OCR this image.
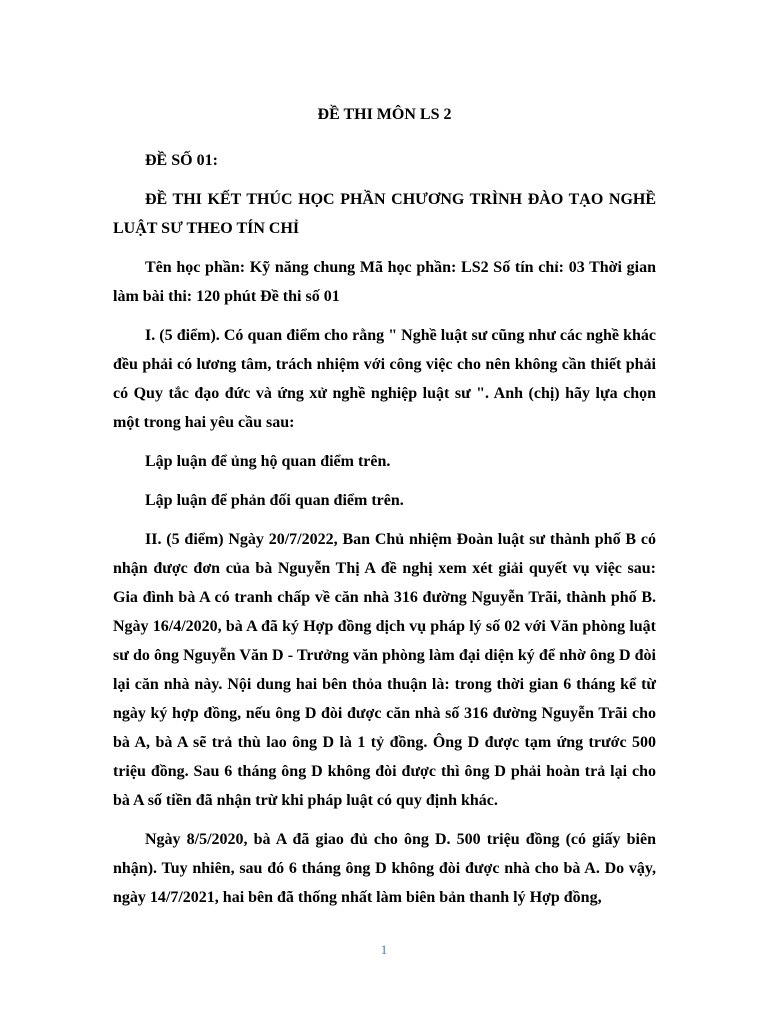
ĐỀ THI MÔN LS 2
ĐỀ SỐ 01:
ĐỀ THI KẾT THÚC HỌC PHẦN CHƯƠNG TRÌNH ĐÀO TẠO NGHỀ LUẬT SƯ THEO TÍN CHỈ
Tên học phần: Kỹ năng chung Mã học phần: LS2 Số tín chỉ: 03 Thời gian làm bài thi: 120 phút Đề thi số 01
I. (5 điểm). Có quan điểm cho rằng " Nghề luật sư cũng như các nghề khác đều phải có lương tâm, trách nhiệm với công việc cho nên không cần thiết phải có Quy tắc đạo đức và ứng xử nghề nghiệp luật sư ". Anh (chị) hãy lựa chọn một trong hai yêu cầu sau:
Lập luận để ủng hộ quan điểm trên.
Lập luận để phản đối quan điểm trên.
II. (5 điểm) Ngày 20/7/2022, Ban Chủ nhiệm Đoàn luật sư thành phố B có nhận được đơn của bà Nguyễn Thị A đề nghị xem xét giải quyết vụ việc sau: Gia đình bà A có tranh chấp về căn nhà 316 đường Nguyễn Trãi, thành phố B. Ngày 16/4/2020, bà A đã ký Hợp đồng dịch vụ pháp lý số 02 với Văn phòng luật sư do ông Nguyễn Văn D - Trưởng văn phòng làm đại diện ký để nhờ ông D đòi lại căn nhà này. Nội dung hai bên thỏa thuận là: trong thời gian 6 tháng kể từ ngày ký hợp đồng, nếu ông D đòi được căn nhà số 316 đường Nguyễn Trãi cho bà A, bà A sẽ trả thù lao ông D là 1 tỷ đồng. Ông D được tạm ứng trước 500 triệu đồng. Sau 6 tháng ông D không đòi được thì ông D phải hoàn trả lại cho bà A số tiền đã nhận trừ khi pháp luật có quy định khác.
Ngày 8/5/2020, bà A đã giao đủ cho ông D. 500 triệu đồng (có giấy biên nhận). Tuy nhiên, sau đó 6 tháng ông D không đòi được nhà cho bà A. Do vậy, ngày 14/7/2021, hai bên đã thống nhất làm biên bản thanh lý Hợp đồng,
1
